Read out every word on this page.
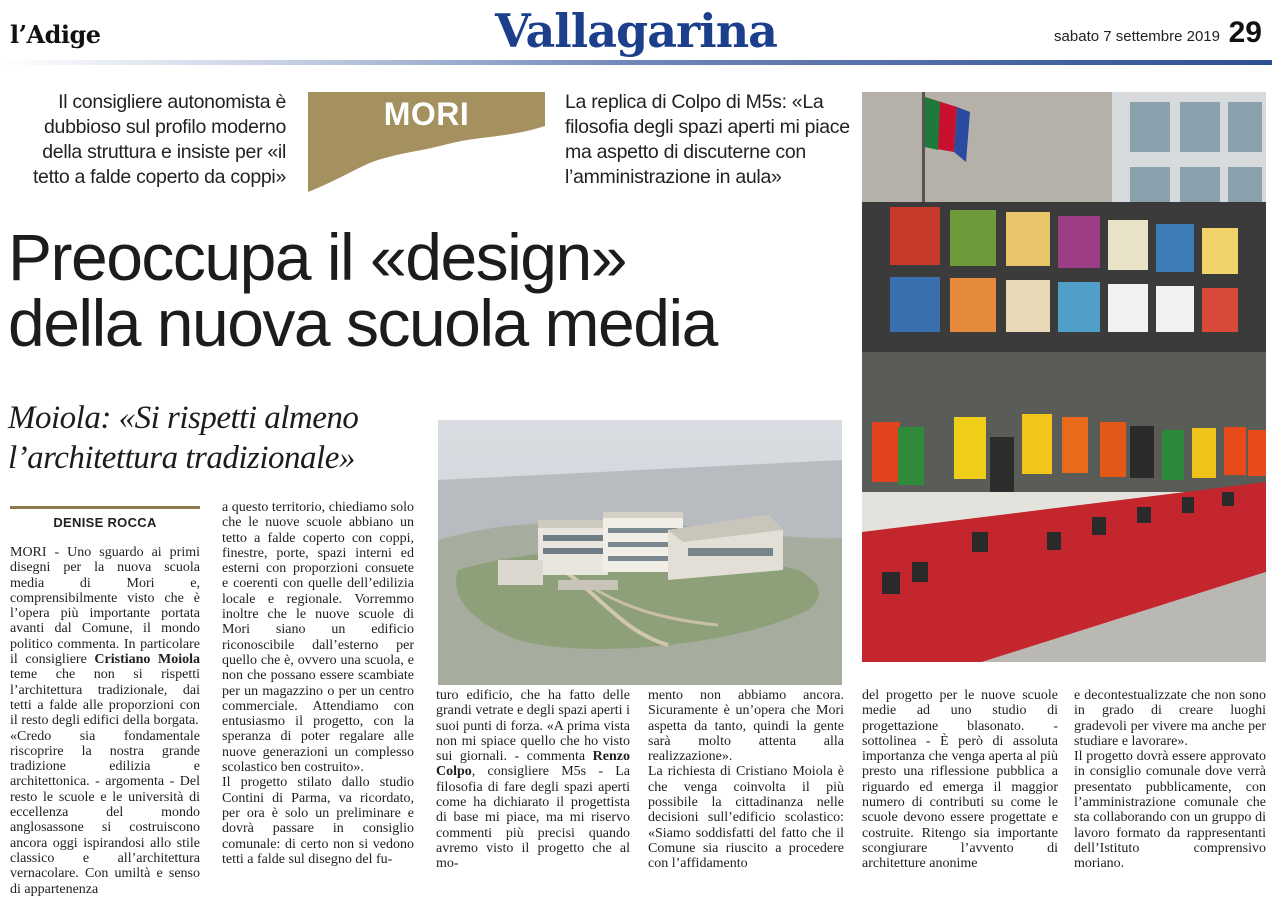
l’Adige	Vallagarina	sabato 7 settembre 2019 29
Il consigliere autonomista è dubbioso sul profilo moderno della struttura e insiste per «il tetto a falde coperto da coppi»
MORI	La replica di Colpo di M5s: «La filosofia degli spazi aperti mi piace ma aspetto di discuterne con l’amministrazione in aula»
Preoccupa il «design»
della nuova scuola media
Moiola: «Si rispetti almeno
l’architettura tradizionale»
DENISE ROCCA

MORI - Uno sguardo ai primi disegni per la nuova scuola media di Mori e, comprensibilmente visto che è l’opera più importante portata avanti dal Comune, il mondo politico commenta. In particolare il consigliere Cristiano Moiola teme che non si rispetti l’architettura tradizionale, dai tetti a falde alle proporzioni con il resto degli edifici della borgata.

«Credo sia fondamentale riscoprire la nostra grande tradizione edilizia e architettonica. - argomenta - Del resto le scuole e le università di eccellenza del mondo anglosassone si costruiscono ancora oggi ispirandosi allo stile classico e all’architettura vernacolare. Con umiltà e senso di appartenenza

a questo territorio, chiediamo solo che le nuove scuole abbiano un tetto a falde coperto con coppi, finestre, porte, spazi interni ed esterni con proporzioni consuete e coerenti con quelle dell’edilizia locale e regionale. Vorremmo inoltre che le nuove scuole di Mori siano un edificio riconoscibile dall’esterno per quello che è, ovvero una scuola, e non che possano essere scambiate per un magazzino o per un centro commerciale. Attendiamo con entusiasmo il progetto, con la speranza di poter regalare alle nuove generazioni un complesso scolastico ben costruito».

Il progetto stilato dallo studio Contini di Parma, va ricordato, per ora è solo un preliminare e dovrà passare in consiglio comunale: di certo non si vedono tetti a falde sul disegno del fu-

turo edificio, che ha fatto delle grandi vetrate e degli spazi aperti i suoi punti di forza. «A prima vista non mi spiace quello che ho visto sui giornali. - commenta Renzo Colpo, consigliere M5s - La filosofia di fare degli spazi aperti come ha dichiarato il progettista di base mi piace, ma mi riservo commenti più precisi quando avremo visto il progetto che al mo-

mento non abbiamo ancora. Sicuramente è un’opera che Mori aspetta da tanto, quindi la gente sarà molto attenta alla realizzazione».

La richiesta di Cristiano Moiola è che venga coinvolta il più possibile la cittadinanza nelle decisioni sull’edificio scolastico: «Siamo soddisfatti del fatto che il Comune sia riuscito a procedere con l’affidamento

del progetto per le nuove scuole medie ad uno studio di progettazione blasonato. - sottolinea - È però di assoluta importanza che venga aperta al più presto una riflessione pubblica a riguardo ed emerga il maggior numero di contributi su come le scuole devono essere progettate e costruite. Ritengo sia importante scongiurare l’avvento di architetture anonime

e decontestualizzate che non sono in grado di creare luoghi gradevoli per vivere ma anche per studiare e lavorare».

Il progetto dovrà essere approvato in consiglio comunale dove verrà presentato pubblicamente, con l’amministrazione comunale che sta collaborando con un gruppo di lavoro formato da rappresentanti dell’Istituto comprensivo moriano.
